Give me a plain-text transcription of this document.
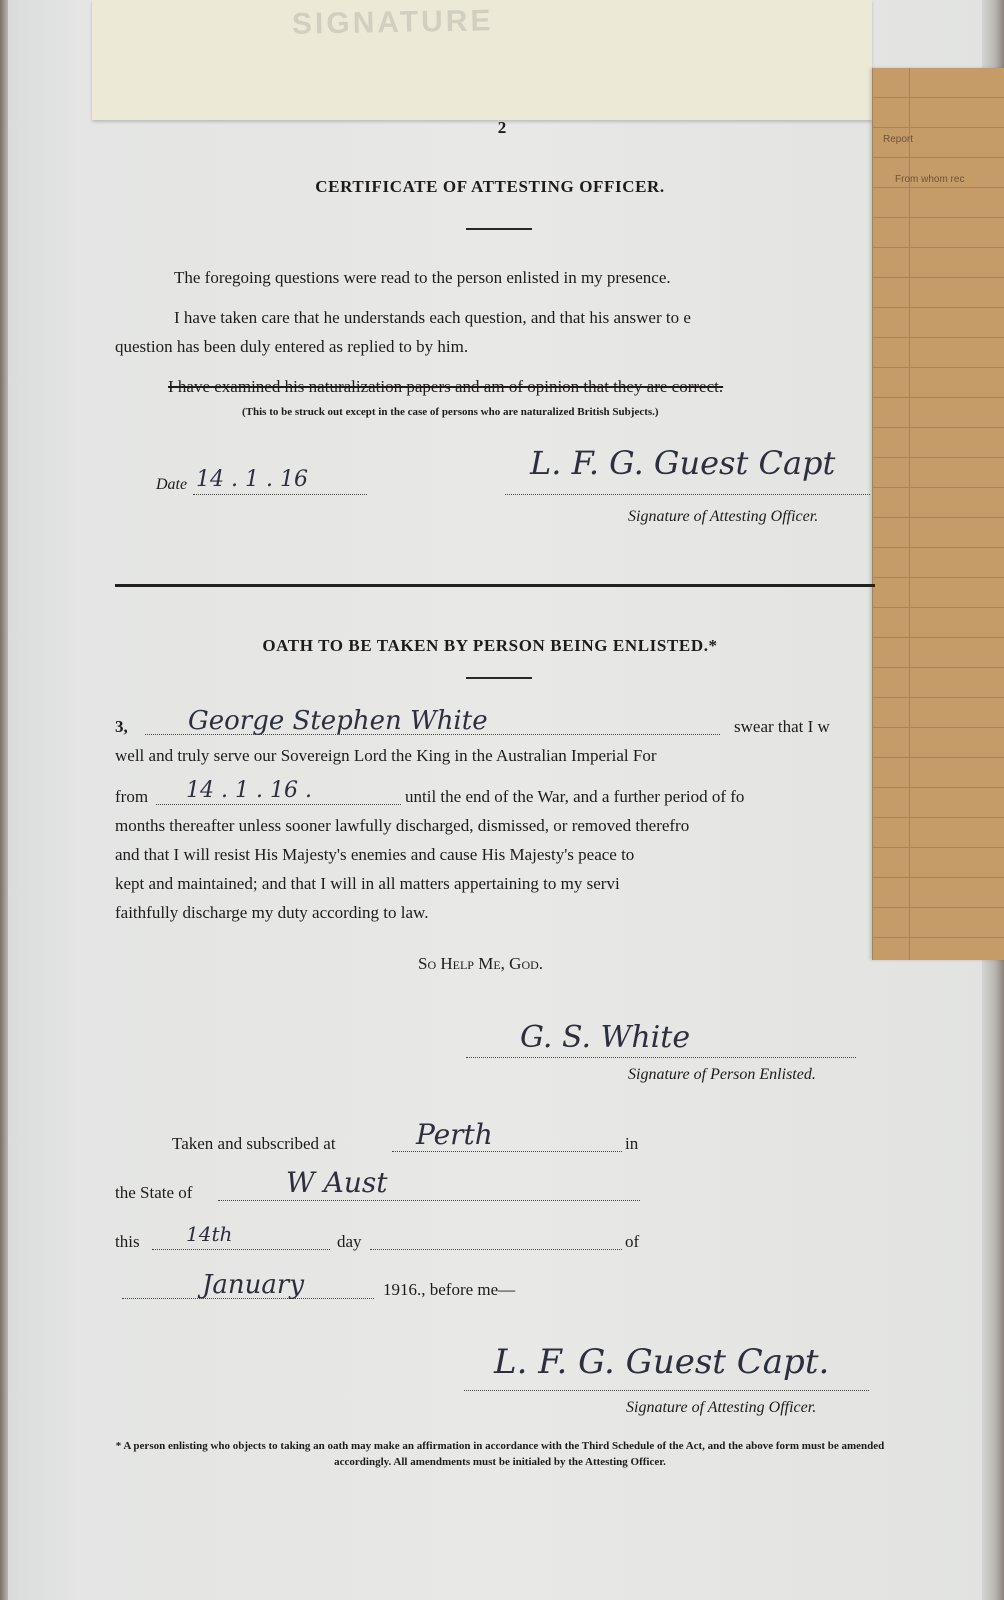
SIGNATURE
Report
From whom rec
2
CERTIFICATE OF ATTESTING OFFICER.
The foregoing questions were read to the person enlisted in my presence.
I have taken care that he understands each question, and that his answer to e
question has been duly entered as replied to by him.
I have examined his naturalization papers and am of opinion that they are correct.
(This to be struck out except in the case of persons who are naturalized British Subjects.)
Date 14 . 1 . 16	L. F. G. Guest Capt
Signature of Attesting Officer.
OATH TO BE TAKEN BY PERSON BEING ENLISTED.*
3, George Stephen White	swear that I w
well and truly serve our Sovereign Lord the King in the Australian Imperial For
from 14 . 1 . 16 .	until the end of the War, and a further period of fo
months thereafter unless sooner lawfully discharged, dismissed, or removed therefro
and that I will resist His Majesty's enemies and cause His Majesty's peace to
kept and maintained; and that I will in all matters appertaining to my servi
faithfully discharge my duty according to law.
So Help Me, God.
G. S. White
Signature of Person Enlisted.
Taken and subscribed at	Perth	in
the State of	W Aust
this 14th	day	of
January	1916., before me—
L. F. G. Guest Capt.
Signature of Attesting Officer.
* A person enlisting who objects to taking an oath may make an affirmation in accordance with the Third Schedule of the Act, and the above form must be amended accordingly. All amendments must be initialed by the Attesting Officer.
